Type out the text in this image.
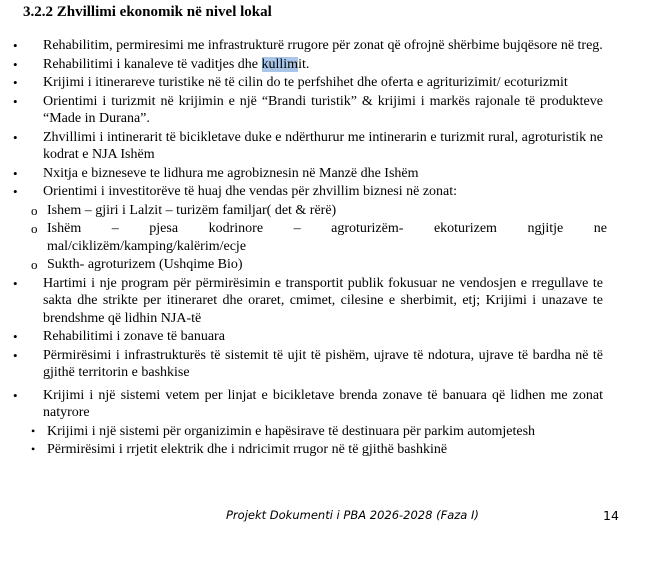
3.2.2 Zhvillimi ekonomik në nivel lokal
• Rehabilitim, permiresimi me infrastrukturë rrugore për zonat që ofrojnë shërbime bujqësore në treg.
• Rehabilitimi i kanaleve të vaditjes dhe kullimit.
• Krijimi i itinerareve turistike në të cilin do te perfshihet dhe oferta e agriturizimit/ ecoturizmit
• Orientimi i turizmit në krijimin e një “Brandi turistik” & krijimi i markës rajonale të produkteve “Made in Durana”.
• Zhvillimi i intinerarit të bicikletave duke e ndërthurur me intinerarin e turizmit rural, agroturistik ne kodrat e NJA Ishëm
• Nxitja e bizneseve te lidhura me agrobiznesin në Manzë dhe Ishëm
• Orientimi i investitorëve të huaj dhe vendas për zhvillim biznesi në zonat:
o Ishem – gjiri i Lalzit – turizëm familjar( det & rërë)
o Ishëm – pjesa kodrinore – agroturizëm- ekoturizem ngjitje ne
mal/ciklizëm/kamping/kalërim/ecje
o Sukth- agroturizem (Ushqime Bio)
• Hartimi i nje program për përmirësimin e transportit publik fokusuar ne vendosjen e rregullave te sakta dhe strikte per itineraret dhe oraret, cmimet, cilesine e sherbimit, etj; Krijimi i unazave te brendshme që lidhin NJA-të
• Rehabilitimi i zonave të banuara
• Përmirësimi i infrastrukturës të sistemit të ujit të pishëm, ujrave të ndotura, ujrave të bardha në të gjithë territorin e bashkise
• Krijimi i një sistemi vetem per linjat e bicikletave brenda zonave të banuara që lidhen me zonat natyrore
• Krijimi i një sistemi për organizimin e hapësirave të destinuara për parkim automjetesh
• Përmirësimi i rrjetit elektrik dhe i ndricimit rrugor në të gjithë bashkinë
Projekt Dokumenti i PBA 2026-2028 (Faza I)	14
